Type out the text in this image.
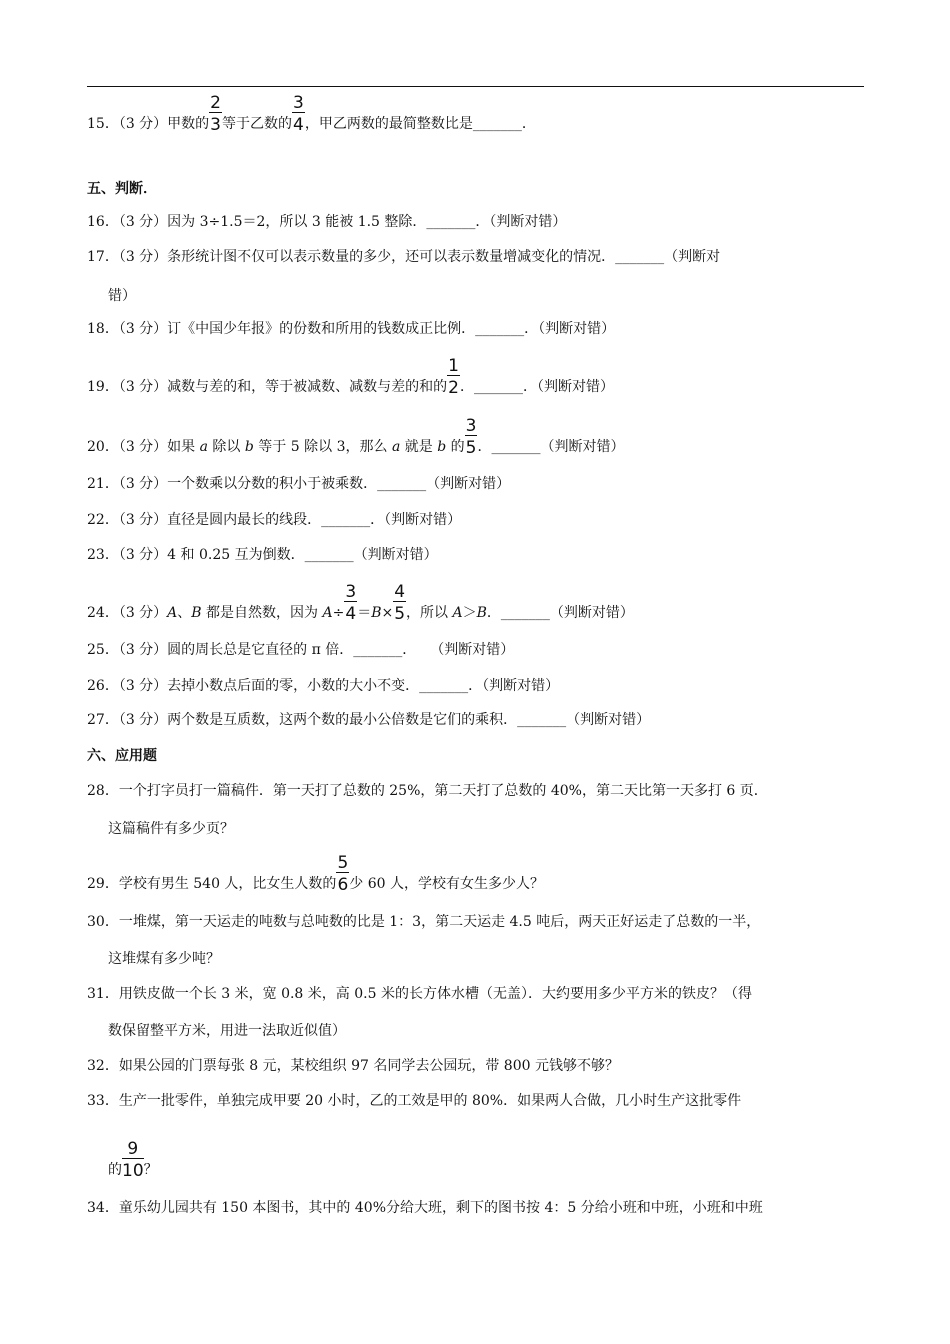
15．（3 分）甲数的 $\frac{2}{3}$ 等于乙数的 $\frac{3}{4}$ ，甲乙两数的最简整数比是_______．
五、判断．
16．（3 分）因为 3÷1.5＝2，所以 3 能被 1.5 整除．_______．（判断对错）
17．（3 分）条形统计图不仅可以表示数量的多少，还可以表示数量增减变化的情况．_______（判断对
错）
18．（3 分）订《中国少年报》的份数和所用的钱数成正比例．_______．（判断对错）
19．（3 分）减数与差的和，等于被减数、减数与差的和的 $\frac{1}{2}$ ．_______．（判断对错）
20．（3 分）如果 a 除以 b 等于 5 除以 3，那么 a 就是 b 的 $\frac{3}{5}$ ．_______（判断对错）
21．（3 分）一个数乘以分数的积小于被乘数．_______（判断对错）
22．（3 分）直径是圆内最长的线段．_______．（判断对错）
23．（3 分）4 和 0.25 互为倒数．_______（判断对错）
24．（3 分）A、B 都是自然数，因为 $A\div \frac{3}{4} =B\times \frac{4}{5}$ ，所以 A＞B．_______（判断对错）
25．（3 分）圆的周长总是它直径的 π 倍．_______．　　（判断对错）
26．（3 分）去掉小数点后面的零，小数的大小不变．_______．（判断对错）
27．（3 分）两个数是互质数，这两个数的最小公倍数是它们的乘积．_______（判断对错）
六、应用题
28．一个打字员打一篇稿件．第一天打了总数的 25%，第二天打了总数的 40%，第二天比第一天多打 6 页．
这篇稿件有多少页？
29．学校有男生 540 人，比女生人数的 $\frac{5}{6}$ 少 60 人，学校有女生多少人？
30．一堆煤，第一天运走的吨数与总吨数的比是 1：3，第二天运走 4.5 吨后，两天正好运走了总数的一半，
这堆煤有多少吨？
31．用铁皮做一个长 3 米，宽 0.8 米，高 0.5 米的长方体水槽（无盖）．大约要用多少平方米的铁皮？（得
数保留整平方米，用进一法取近似值）
32．如果公园的门票每张 8 元，某校组织 97 名同学去公园玩，带 800 元钱够不够？
33．生产一批零件，单独完成甲要 20 小时，乙的工效是甲的 80%．如果两人合做，几小时生产这批零件
的 $\frac{9}{10}$ ？
34．童乐幼儿园共有 150 本图书，其中的 40%分给大班，剩下的图书按 4：5 分给小班和中班，小班和中班
